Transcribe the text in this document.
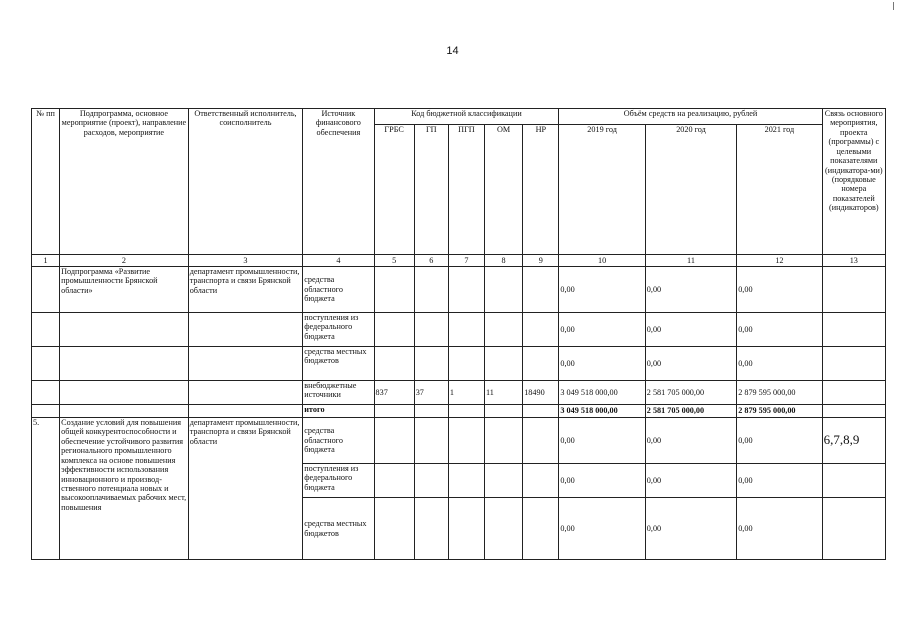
14
№ пп	Подпрограмма, основное мероприятие (проект), направление расходов, мероприятие	Ответственный исполнитель, соисполнитель	Источник финансового обеспечения	Код бюджетной классификации					Объём средств на реализацию, рублей			Связь основного мероприятия, проекта (программы) с целевыми показателями (индикатора-ми) (порядковые номера показателей (индикаторов)
				ГРБС	ГП	ПГП	ОМ	НР	2019 год	2020 год	2021 год	
1	2	3	4	5	6	7	8	9	10	11	12	13
	Подпрограмма «Развитие промышленности Брянской области»	департамент промышленности, транспорта и связи Брянской области	средства областного бюджета						0,00	0,00	0,00	
			поступления из федерального бюджета						0,00	0,00	0,00	
			средства местных бюджетов						0,00	0,00	0,00	
			внебюджетные источники	837	37	1	11	18490	3 049 518 000,00	2 581 705 000,00	2 879 595 000,00	
			итого						3 049 518 000,00	2 581 705 000,00	2 879 595 000,00	
5.	Создание условий для повышения общей конкурентоспособности и обеспечение устойчивого развития регионального промышленного комплекса на основе повышения эффективности использования инновационного и производ-ственного потенциала новых и высокооплачиваемых рабочих мест, повышения	департамент промышленности, транспорта и связи Брянской области	средства областного бюджета						0,00	0,00	0,00	6,7,8,9
			поступления из федерального бюджета						0,00	0,00	0,00	
			средства местных бюджетов						0,00	0,00	0,00	
